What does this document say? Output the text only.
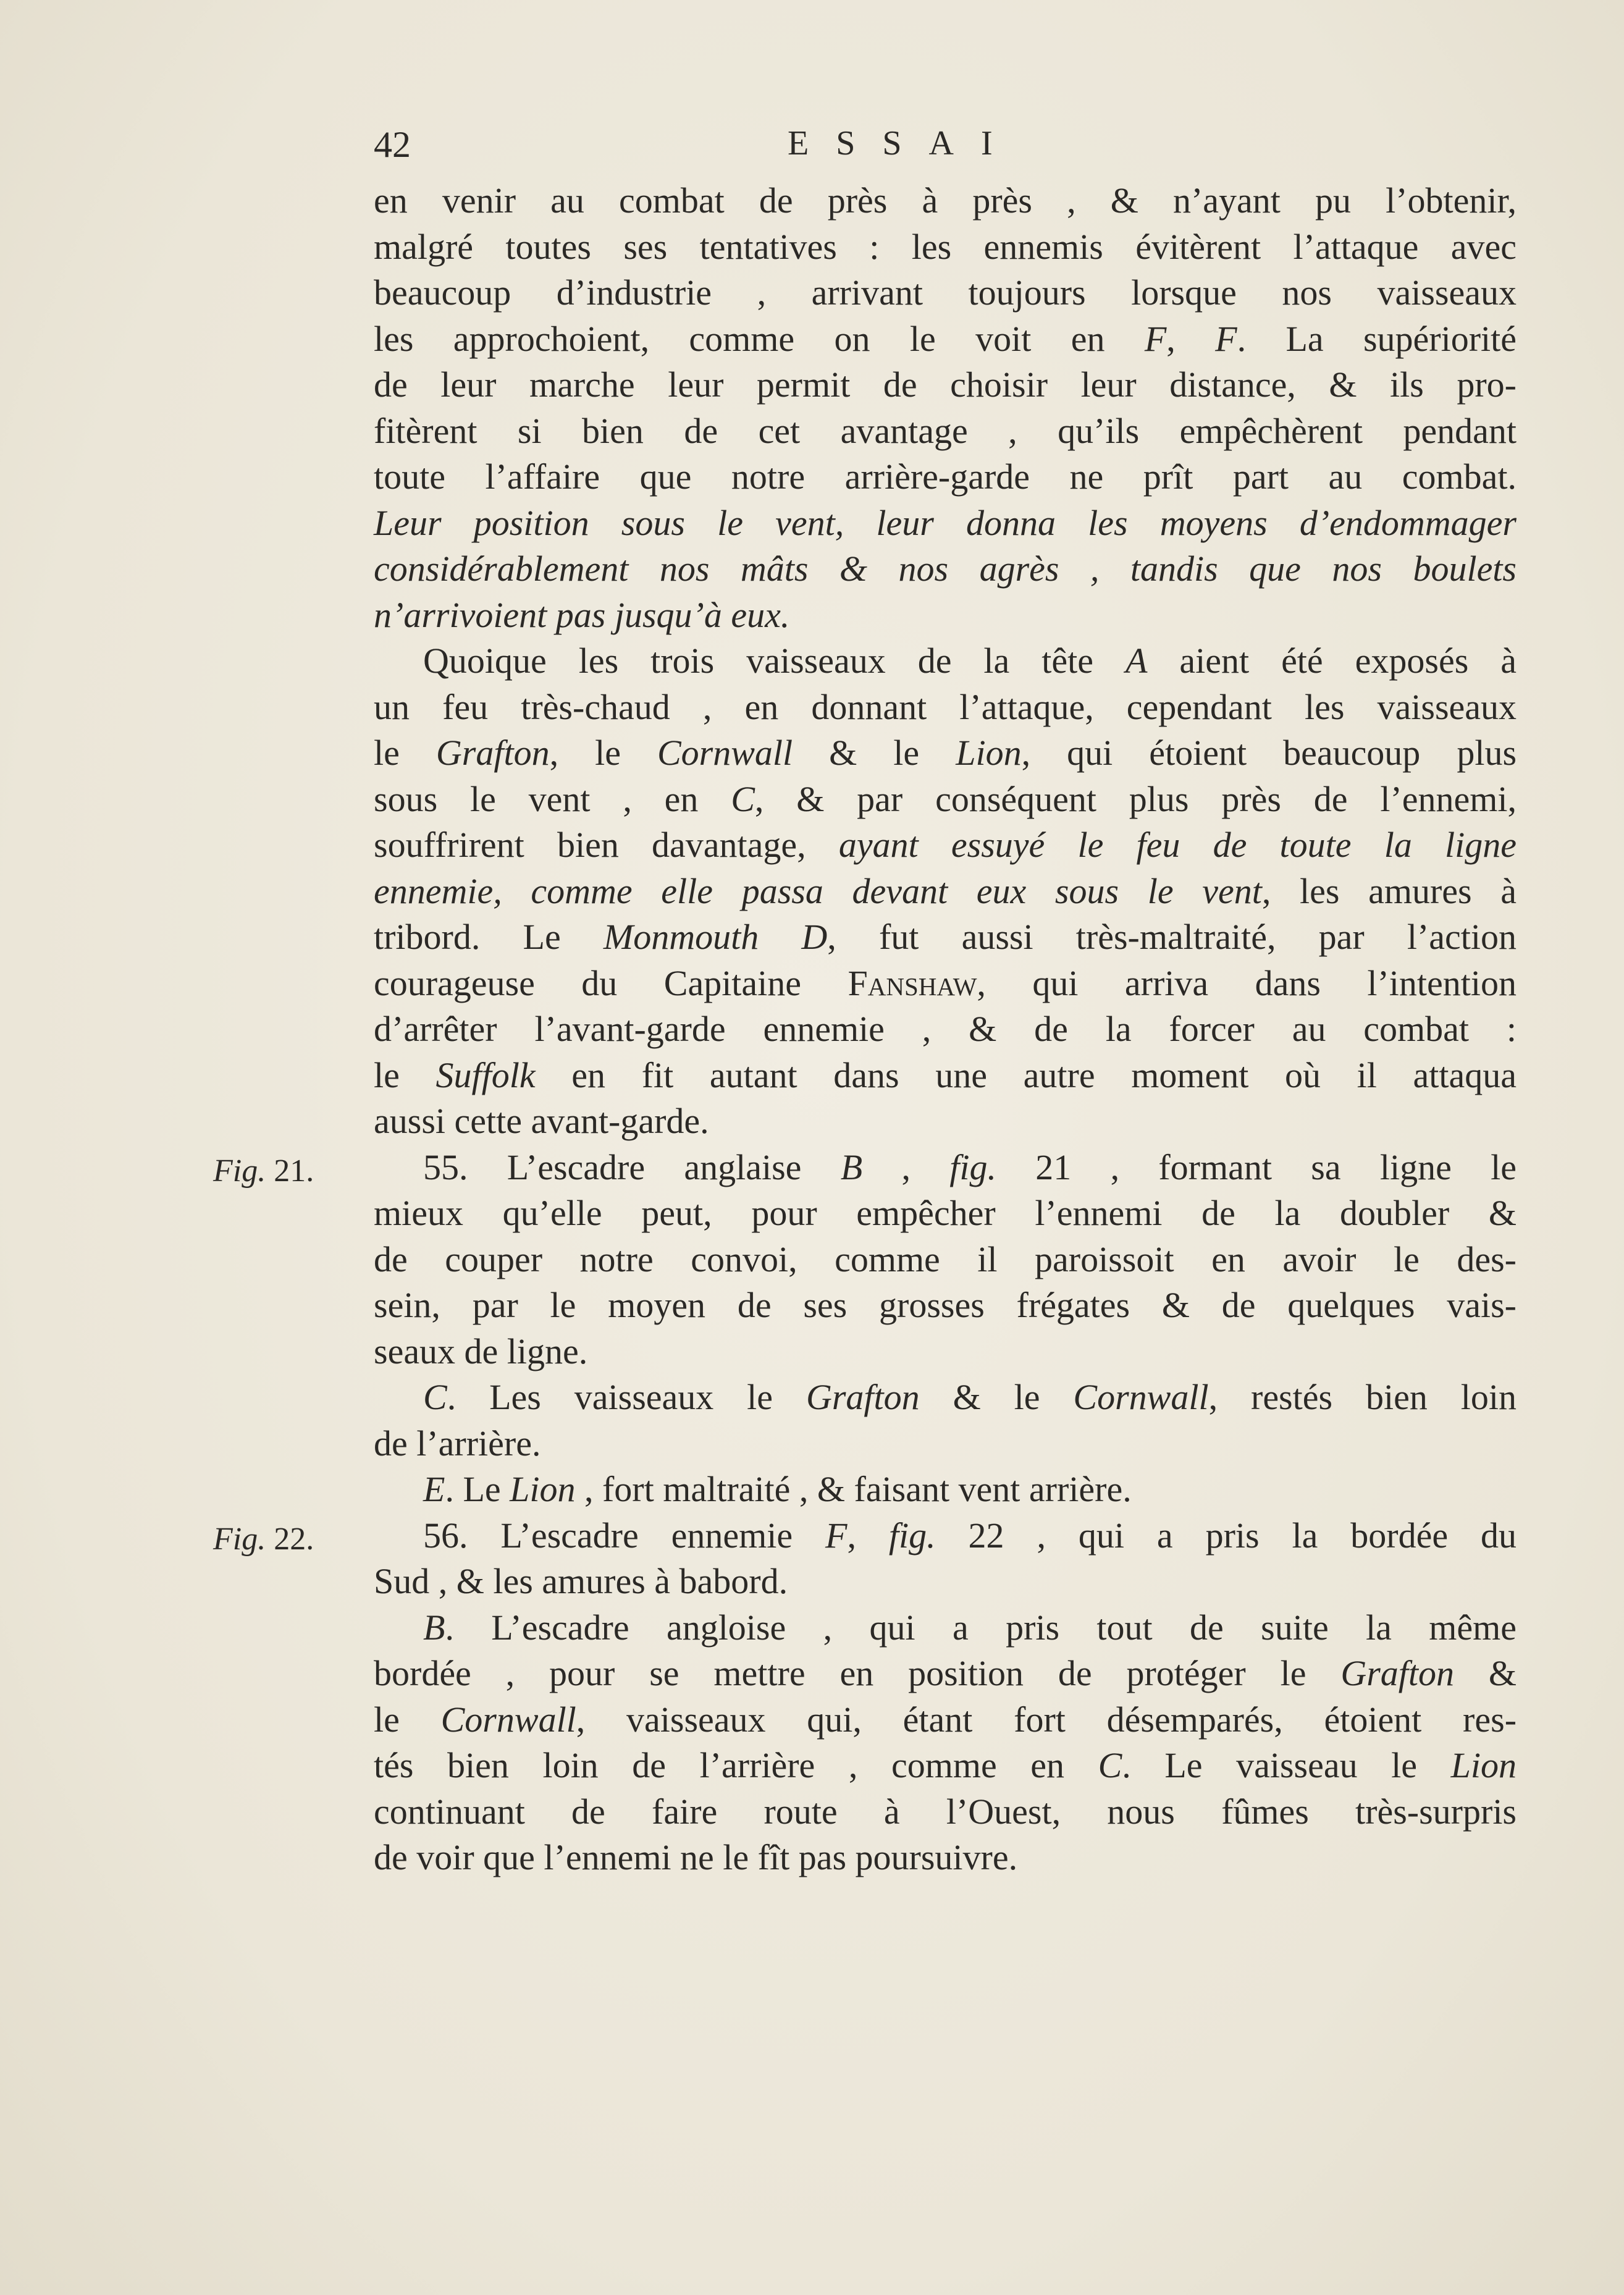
42	ESSAI
Fig. 21.
Fig. 22.
en venir au combat de près à près , & n’ayant pu l’obtenir,
malgré toutes ses tentatives : les ennemis évitèrent l’attaque avec
beaucoup d’industrie , arrivant toujours lorsque nos vaisseaux
les approchoient, comme on le voit en F, F. La supériorité
de leur marche leur permit de choisir leur distance, & ils pro-
fitèrent si bien de cet avantage , qu’ils empêchèrent pendant
toute l’affaire que notre arrière-garde ne prît part au combat.
Leur position sous le vent, leur donna les moyens d’endommager
considérablement nos mâts & nos agrès , tandis que nos boulets
n’arrivoient pas jusqu’à eux.
Quoique les trois vaisseaux de la tête A aient été exposés à
un feu très-chaud , en donnant l’attaque, cependant les vaisseaux
le Grafton, le Cornwall & le Lion, qui étoient beaucoup plus
sous le vent , en C, & par conséquent plus près de l’ennemi,
souffrirent bien davantage, ayant essuyé le feu de toute la ligne
ennemie, comme elle passa devant eux sous le vent, les amures à
tribord. Le Monmouth D, fut aussi très-maltraité, par l’action
courageuse du Capitaine Fanshaw, qui arriva dans l’intention
d’arrêter l’avant-garde ennemie , & de la forcer au combat :
le Suffolk en fit autant dans une autre moment où il attaqua
aussi cette avant-garde.
55. L’escadre anglaise B , fig. 21 , formant sa ligne le
mieux qu’elle peut, pour empêcher l’ennemi de la doubler &
de couper notre convoi, comme il paroissoit en avoir le des-
sein, par le moyen de ses grosses frégates & de quelques vais-
seaux de ligne.
C. Les vaisseaux le Grafton & le Cornwall, restés bien loin
de l’arrière.
E. Le Lion , fort maltraité , & faisant vent arrière.
56. L’escadre ennemie F, fig. 22 , qui a pris la bordée du
Sud , & les amures à babord.
B. L’escadre angloise , qui a pris tout de suite la même
bordée , pour se mettre en position de protéger le Grafton &
le Cornwall, vaisseaux qui, étant fort désemparés, étoient res-
tés bien loin de l’arrière , comme en C. Le vaisseau le Lion
continuant de faire route à l’Ouest, nous fûmes très-surpris
de voir que l’ennemi ne le fît pas poursuivre.
